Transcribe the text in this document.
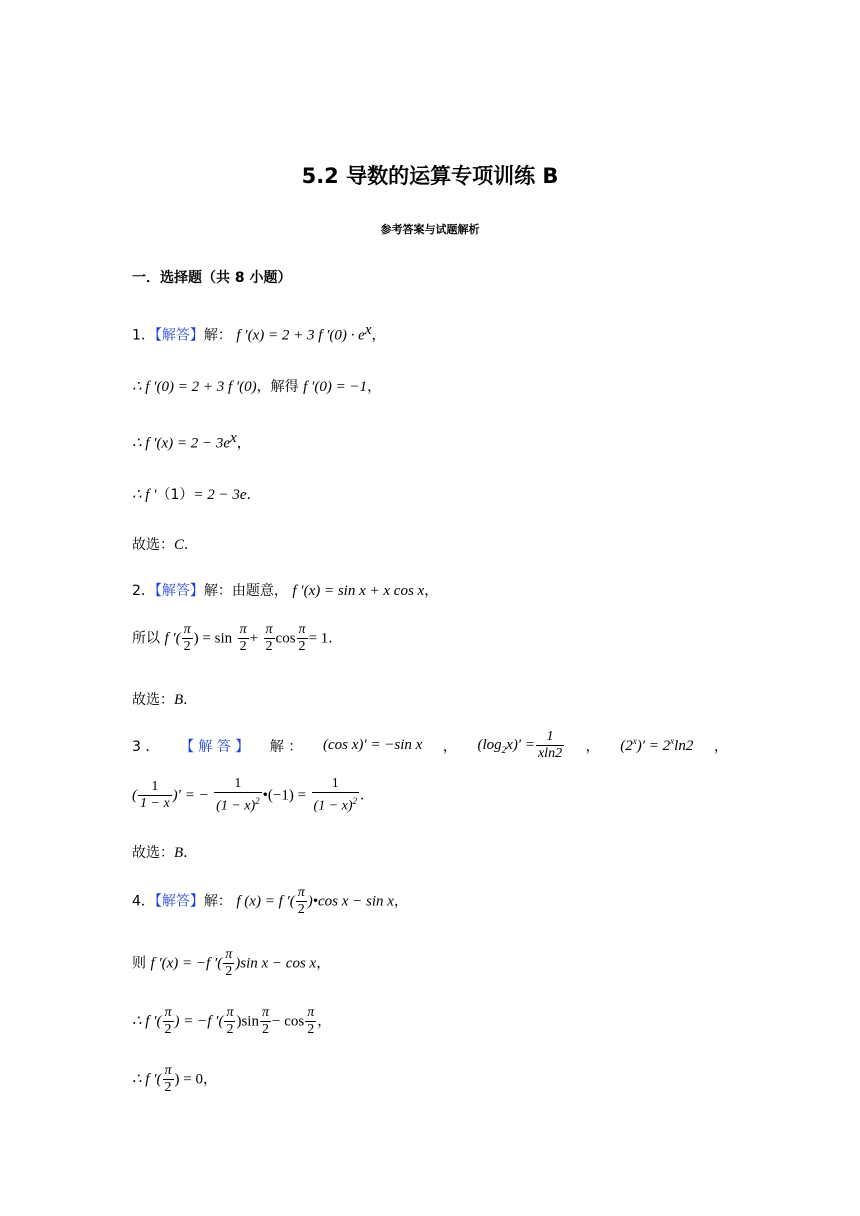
5.2 导数的运算专项训练 B
参考答案与试题解析
一．选择题（共 8 小题）
1．【解答】解： f ′(x) = 2 + 3 f $'(0) \cdot e^x$，
∴ f ′(0) = 2 + 3 f ′(0)，解得 f ′(0) = −1，
∴ f $'(x) = 2 - 3e^x$，
∴ f ′（1）= 2 − 3e．
故选：C．
2．【解答】解：由题意， f ′(x) = sin x + x cos x，
所以 f ′( $\frac{\pi}{2}$ ) = $\sin \frac{\pi}{2} + \frac{\pi}{2}$ $\cos \frac{\pi}{2} = 1$．
故选：B．
3 ． 【 解 答 】 解 ： (cos x)′ = −sin x ， $(\log_2x)' = \frac{1}{xln2}$ ， $(2^x)' = 2^x\ln 2$ ，
( $\frac{1}{1 - x}$ )′ = − $\frac{1}{(1 - x)^2}$ •(−1) = $\frac{1}{(1 - x)^2}$ ．
故选：B．
4．【解答】解： f (x) = f ′( $\frac{\pi}{2}$ )•cos x − sin x，
则 f ′(x) = −f ′( $\frac{\pi}{2} )\sin$ x − cos x，
∴ f ′( $\frac{\pi}{2}$ ) = −f ′( $\frac{\pi}{2} )\sin \frac{\pi}{2} - \cos \frac{\pi}{2}$ ，
∴ f ′( $\frac{\pi}{2}$ ) = 0，
